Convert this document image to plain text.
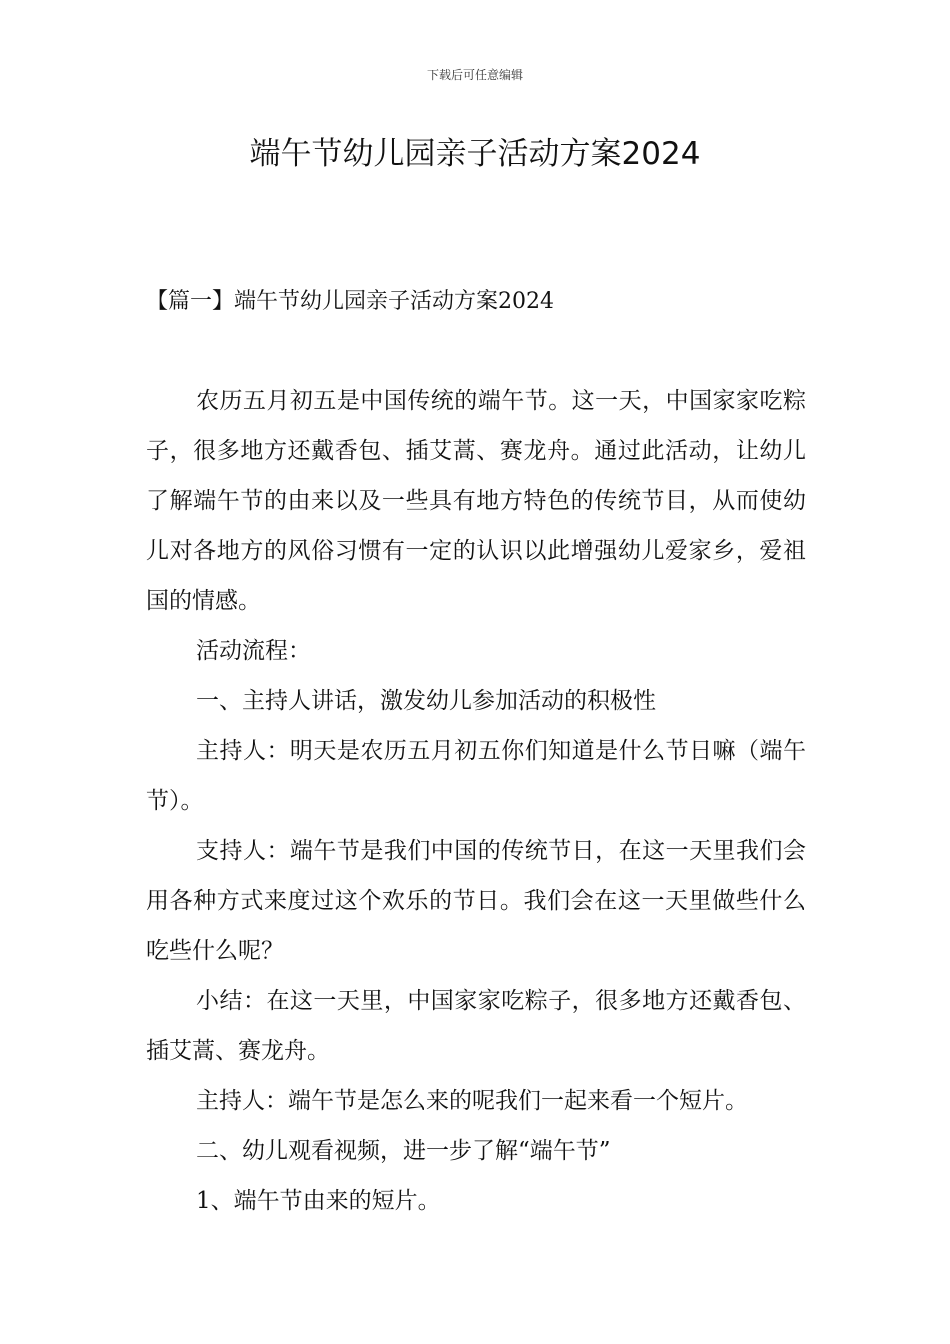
下载后可任意编辑
端午节幼儿园亲子活动方案2024
【篇一】端午节幼儿园亲子活动方案2024

农历五月初五是中国传统的端午节。这一天，中国家家吃粽子，很多地方还戴香包、插艾蒿、赛龙舟。通过此活动，让幼儿了解端午节的由来以及一些具有地方特色的传统节目，从而使幼儿对各地方的风俗习惯有一定的认识以此增强幼儿爱家乡，爱祖国的情感。

活动流程：

一、主持人讲话，激发幼儿参加活动的积极性

主持人：明天是农历五月初五你们知道是什么节日嘛（端午节）。

支持人：端午节是我们中国的传统节日，在这一天里我们会用各种方式来度过这个欢乐的节日。我们会在这一天里做些什么吃些什么呢？

小结：在这一天里，中国家家吃粽子，很多地方还戴香包、插艾蒿、赛龙舟。

主持人：端午节是怎么来的呢我们一起来看一个短片。

二、幼儿观看视频，进一步了解“端午节”

1、端午节由来的短片。
